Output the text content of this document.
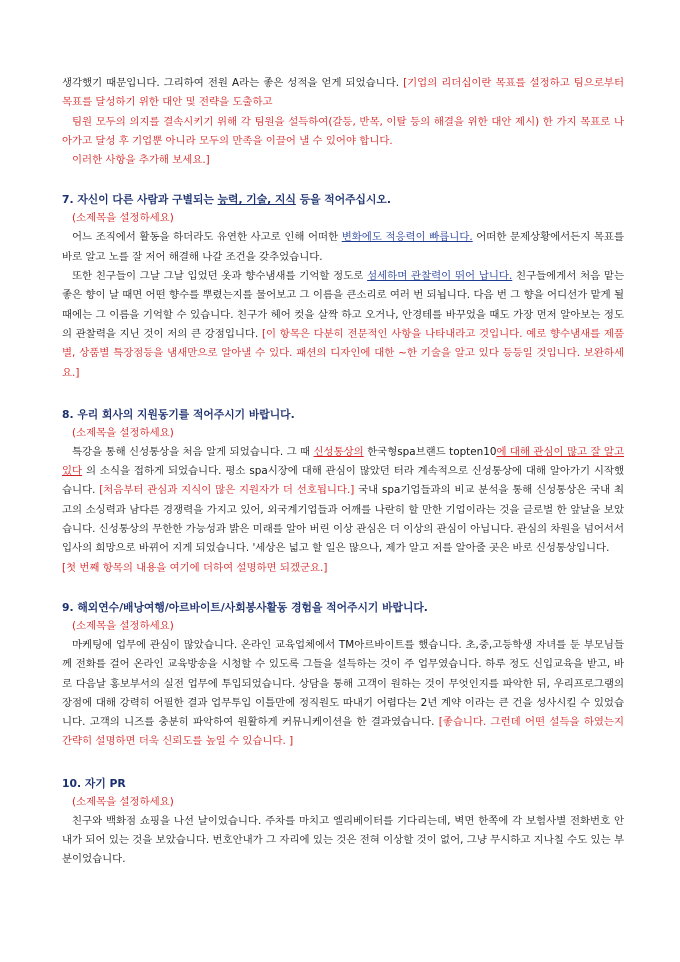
생각했기 때문입니다. 그리하여 전원 A라는 좋은 성적을 얻게 되었습니다. [기업의 리더십이란 목표를 설정하고 팀으로부터 목표를 달성하기 위한 대안 및 전략을 도출하고

팀원 모두의 의지를 결속시키기 위해 각 팀원을 설득하여(갈등, 반목, 이탈 등의 해결을 위한 대안 제시) 한 가지 목표로 나아가고 달성 후 기업뿐 아니라 모두의 만족을 이끌어 낼 수 있어야 합니다.

이러한 사항을 추가해 보세요.]

7. 자신이 다른 사람과 구별되는 능력, 기술, 지식 등을 적어주십시오.

(소제목을 설정하세요)

어느 조직에서 활동을 하더라도 유연한 사고로 인해 어떠한 변화에도 적응력이 빠릅니다. 어떠한 문제상황에서든지 목표를 바로 알고 노를 잘 저어 해결해 나갈 조건을 갖추었습니다.

또한 친구들이 그날 그날 입었던 옷과 향수냄새를 기억할 정도로 섬세하며 관찰력이 뛰어 납니다. 친구들에게서 처음 맡는 좋은 향이 날 때면 어떤 향수를 뿌렸는지를 물어보고 그 이름을 큰소리로 여러 번 되뇝니다. 다음 번 그 향을 어디선가 맡게 될 때에는 그 이름을 기억할 수 있습니다. 친구가 헤어 컷을 살짝 하고 오거나, 안경테를 바꾸었을 때도 가장 먼저 알아보는 정도의 관찰력을 지닌 것이 저의 큰 강점입니다. [이 항목은 다분히 전문적인 사항을 나타내라고 것입니다. 예로 향수냄새를 제품별, 상품별 특장점등을 냄새만으로 알아낼 수 있다. 패션의 디자인에 대한 ~한 기술을 알고 있다 등등일 것입니다. 보완하세요.]

8. 우리 회사의 지원동기를 적어주시기 바랍니다.

(소제목을 설정하세요)

특강을 통해 신성통상을 처음 알게 되었습니다. 그 때 신성통상의 한국형spa브랜드 topten10에 대해 관심이 많고 잘 알고 있다 의 소식을 접하게 되었습니다. 평소 spa시장에 대해 관심이 많았던 터라 계속적으로 신성통상에 대해 알아가기 시작했습니다. [처음부터 관심과 지식이 많은 지원자가 더 선호됩니다.] 국내 spa기업들과의 비교 분석을 통해 신성통상은 국내 최고의 소싱력과 남다른 경쟁력을 가지고 있어, 외국계기업들과 어깨를 나란히 할 만한 기업이라는 것을 글로벌 한 앞날을 보았습니다. 신성통상의 무한한 가능성과 밝은 미래를 알아 버린 이상 관심은 더 이상의 관심이 아닙니다. 관심의 차원을 넘어서서 입사의 희망으로 바뀌어 지게 되었습니다. '세상은 넓고 할 일은 많으나, 제가 알고 저를 알아줄 곳은 바로 신성통상입니다.

[첫 번째 항목의 내용을 여기에 더하여 설명하면 되겠군요.]

9. 해외연수/배낭여행/아르바이트/사회봉사활동 경험을 적어주시기 바랍니다.

(소제목을 설정하세요)

마케팅에 업무에 관심이 많았습니다. 온라인 교육업체에서 TM아르바이트를 했습니다. 초,중,고등학생 자녀를 둔 부모님들께 전화를 걸어 온라인 교육방송을 시청할 수 있도록 그들을 설득하는 것이 주 업무였습니다. 하루 정도 신입교육을 받고, 바로 다음날 홍보부서의 실전 업무에 투입되었습니다. 상담을 통해 고객이 원하는 것이 무엇인지를 파악한 뒤, 우리프로그램의 장점에 대해 강력히 어필한 결과 업무투입 이틀만에 정직원도 따내기 어렵다는 2년 계약 이라는 큰 건을 성사시킬 수 있었습니다. 고객의 니즈를 충분히 파악하여 원활하게 커뮤니케이션을 한 결과였습니다. [좋습니다. 그런데 어떤 설득을 하였는지 간략히 설명하면 더욱 신뢰도를 높일 수 있습니다. ]

10. 자기 PR

(소제목을 설정하세요)

친구와 백화점 쇼핑을 나선 날이었습니다. 주차를 마치고 엘리베이터를 기다리는데, 벽면 한쪽에 각 보험사별 전화번호 안내가 되어 있는 것을 보았습니다. 번호안내가 그 자리에 있는 것은 전혀 이상할 것이 없어, 그냥 무시하고 지나칠 수도 있는 부분이었습니다.
